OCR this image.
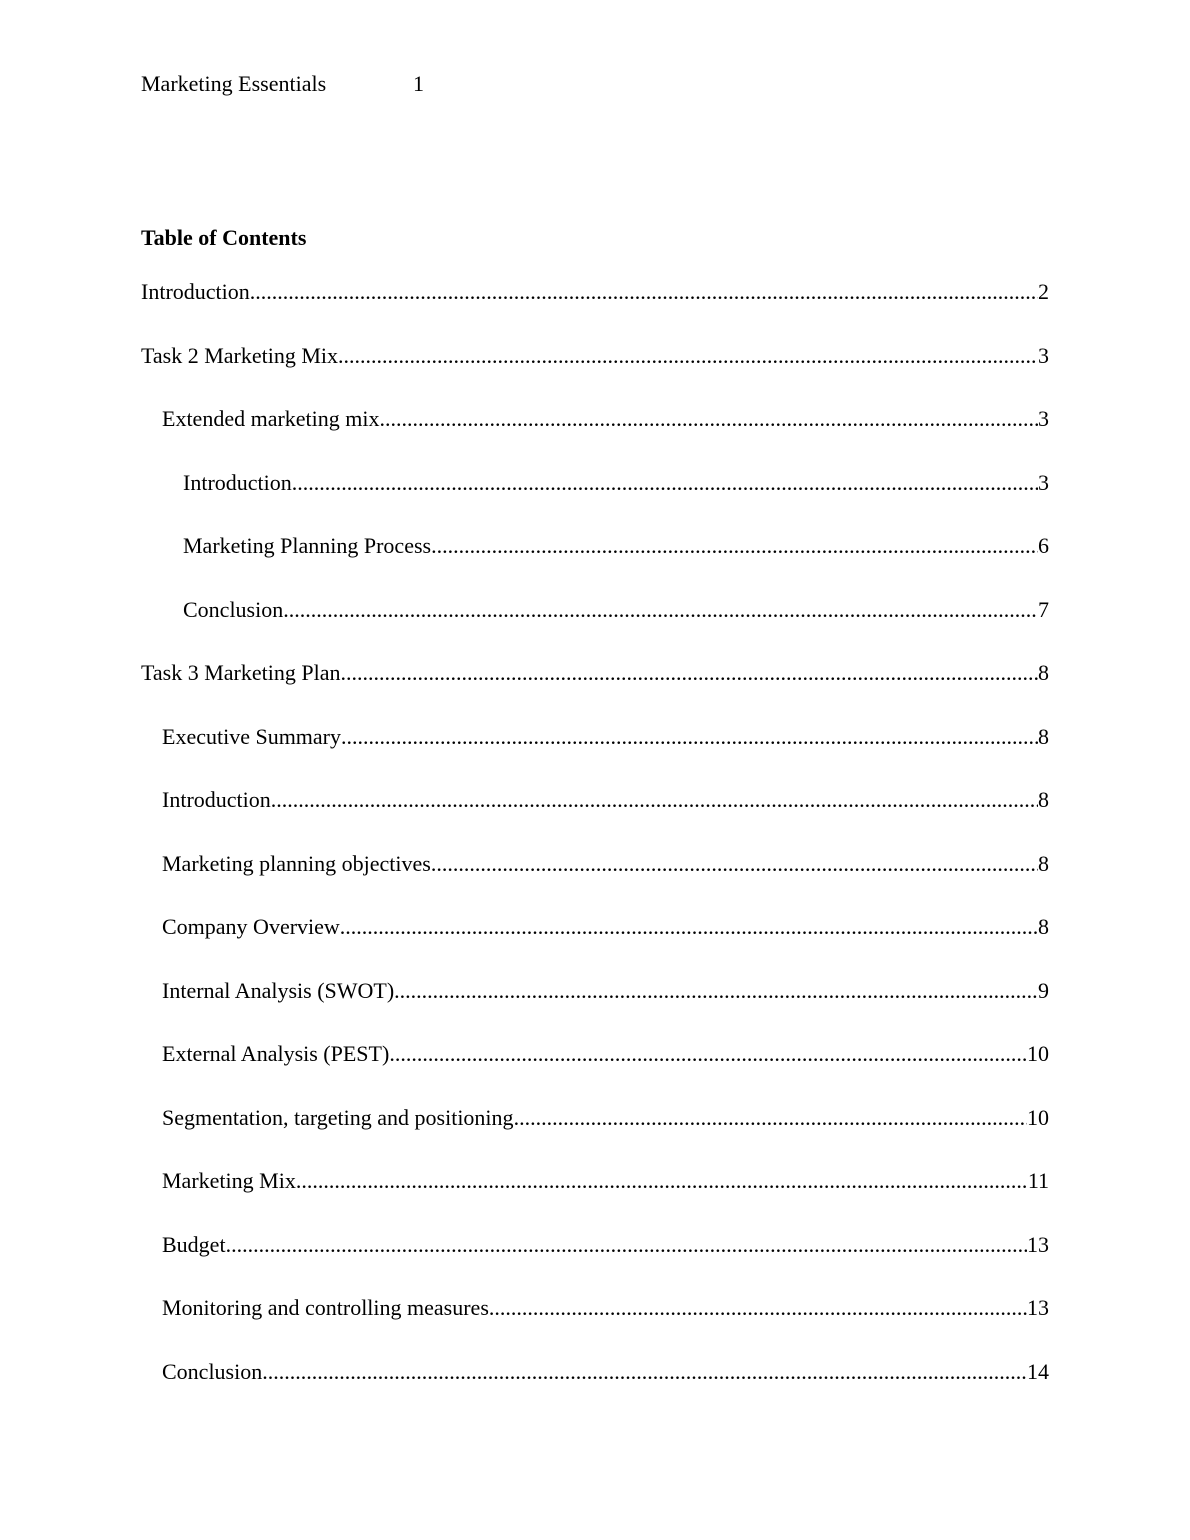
Marketing Essentials	1
Table of Contents
Introduction .....	2
Task 2 Marketing Mix .....	3
Extended marketing mix .....	3
Introduction .....	3
Marketing Planning Process .....	6
Conclusion .....	7
Task 3 Marketing Plan .....	8
Executive Summary .....	8
Introduction .....	8
Marketing planning objectives .....	8
Company Overview .....	8
Internal Analysis (SWOT) .....	9
External Analysis (PEST) .....	10
Segmentation, targeting and positioning .....	10
Marketing Mix .....	11
Budget .....	13
Monitoring and controlling measures .....	13
Conclusion .....	14
